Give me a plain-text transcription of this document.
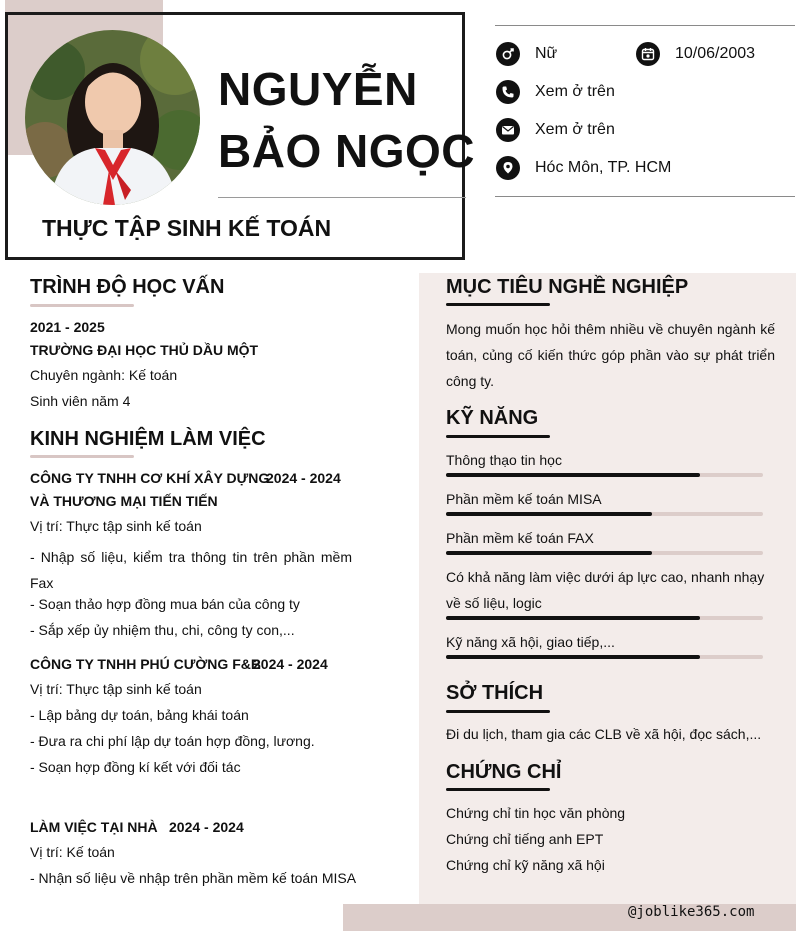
NGUYỄN
BẢO NGỌC
THỰC TẬP SINH KẾ TOÁN
Nữ	10/06/2003
Xem ở trên
Xem ở trên
Hóc Môn, TP. HCM
TRÌNH ĐỘ HỌC VẤN
2021 - 2025
TRƯỜNG ĐẠI HỌC THỦ DẦU MỘT
Chuyên ngành: Kế toán
Sinh viên năm 4
KINH NGHIỆM LÀM VIỆC
CÔNG TY TNHH CƠ KHÍ XÂY DỰNG
2024 - 2024
VÀ THƯƠNG MẠI TIẾN TIẾN
Vị trí: Thực tập sinh kế toán
- Nhập số liệu, kiểm tra thông tin trên phần mềm Fax
- Soạn thảo hợp đồng mua bán của công ty
- Sắp xếp ủy nhiệm thu, chi, công ty con,...
CÔNG TY TNHH PHÚ CƯỜNG F&B
2024 - 2024
Vị trí: Thực tập sinh kế toán
- Lập bảng dự toán, bảng khái toán
- Đưa ra chi phí lập dự toán hợp đồng, lương.
- Soạn hợp đồng kí kết với đối tác
LÀM VIỆC TẠI NHÀ 2024 - 2024
Vị trí: Kế toán
- Nhận số liệu về nhập trên phần mềm kế toán MISA
MỤC TIÊU NGHỀ NGHIỆP
Mong muốn học hỏi thêm nhiều về chuyên ngành kế toán, củng cố kiến thức góp phần vào sự phát triển công ty.
KỸ NĂNG
Thông thạo tin học
Phần mềm kế toán MISA
Phần mềm kế toán FAX
Có khả năng làm việc dưới áp lực cao, nhanh nhạy về số liệu, logic
Kỹ năng xã hội, giao tiếp,...
SỞ THÍCH
Đi du lịch, tham gia các CLB về xã hội, đọc sách,...
CHỨNG CHỈ
Chứng chỉ tin học văn phòng
Chứng chỉ tiếng anh EPT
Chứng chỉ kỹ năng xã hội
@joblike365.com
